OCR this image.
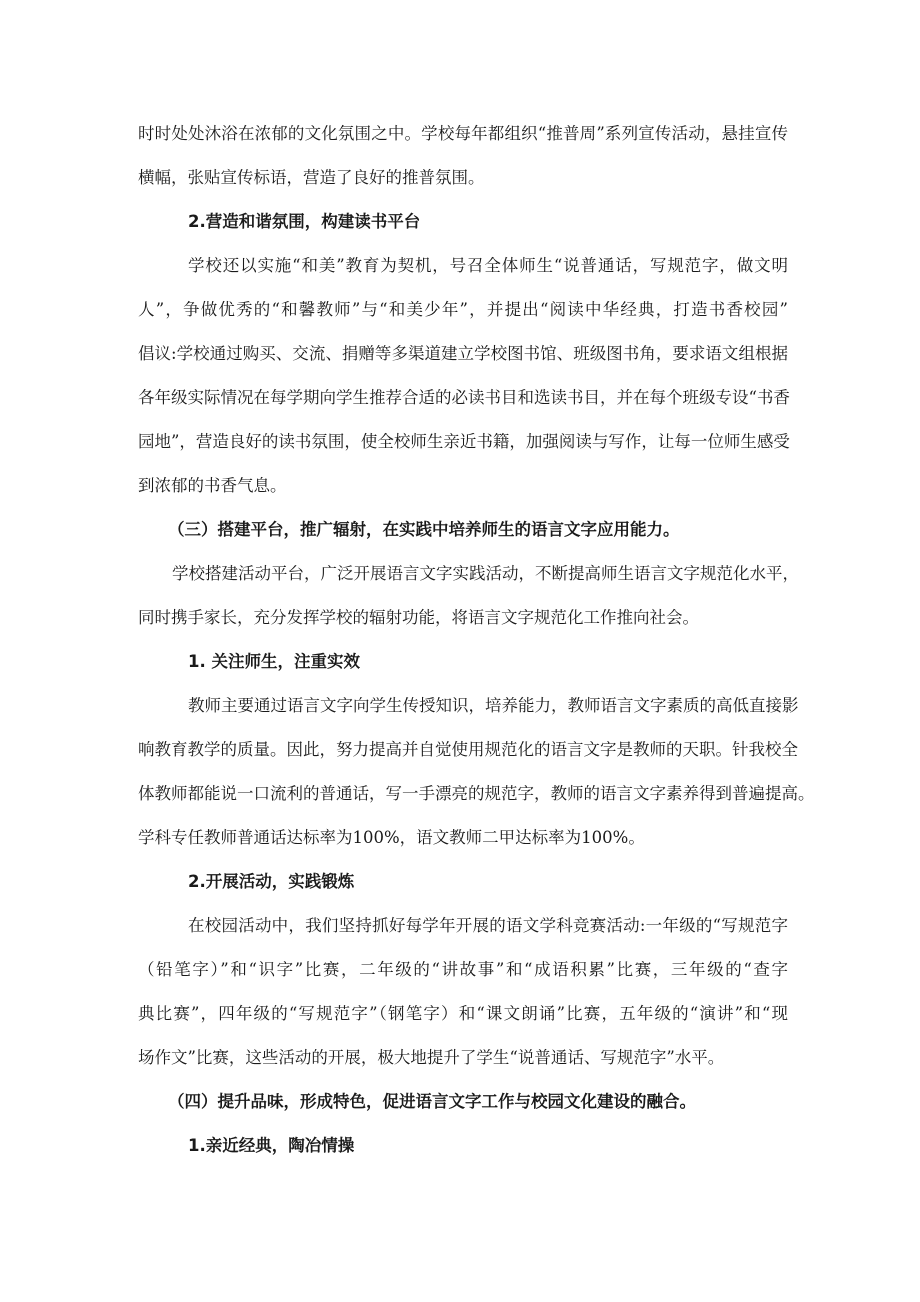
时时处处沐浴在浓郁的文化氛围之中。学校每年都组织“推普周”系列宣传活动，悬挂宣传
横幅，张贴宣传标语，营造了良好的推普氛围。
2.营造和谐氛围，构建读书平台
学校还以实施“和美”教育为契机，号召全体师生“说普通话，写规范字，做文明
人”，争做优秀的“和馨教师”与“和美少年”，并提出“阅读中华经典，打造书香校园”
倡议:学校通过购买、交流、捐赠等多渠道建立学校图书馆、班级图书角，要求语文组根据
各年级实际情况在每学期向学生推荐合适的必读书目和选读书目，并在每个班级专设“书香
园地”，营造良好的读书氛围，使全校师生亲近书籍，加强阅读与写作，让每一位师生感受
到浓郁的书香气息。
（三）搭建平台，推广辐射，在实践中培养师生的语言文字应用能力。
学校搭建活动平台，广泛开展语言文字实践活动，不断提高师生语言文字规范化水平，
同时携手家长，充分发挥学校的辐射功能，将语言文字规范化工作推向社会。
1. 关注师生，注重实效
教师主要通过语言文字向学生传授知识，培养能力，教师语言文字素质的高低直接影
响教育教学的质量。因此，努力提高并自觉使用规范化的语言文字是教师的天职。针我校全
体教师都能说一口流利的普通话，写一手漂亮的规范字，教师的语言文字素养得到普遍提高。
学科专任教师普通话达标率为100%，语文教师二甲达标率为100%。
2.开展活动，实践锻炼
在校园活动中，我们坚持抓好每学年开展的语文学科竞赛活动:一年级的“写规范字
（铅笔字）”和“识字”比赛，二年级的“讲故事”和“成语积累”比赛，三年级的“查字
典比赛”，四年级的“写规范字”（钢笔字）和“课文朗诵”比赛，五年级的“演讲”和“现
场作文”比赛，这些活动的开展，极大地提升了学生“说普通话、写规范字”水平。
（四）提升品味，形成特色，促进语言文字工作与校园文化建设的融合。
1.亲近经典，陶冶情操
